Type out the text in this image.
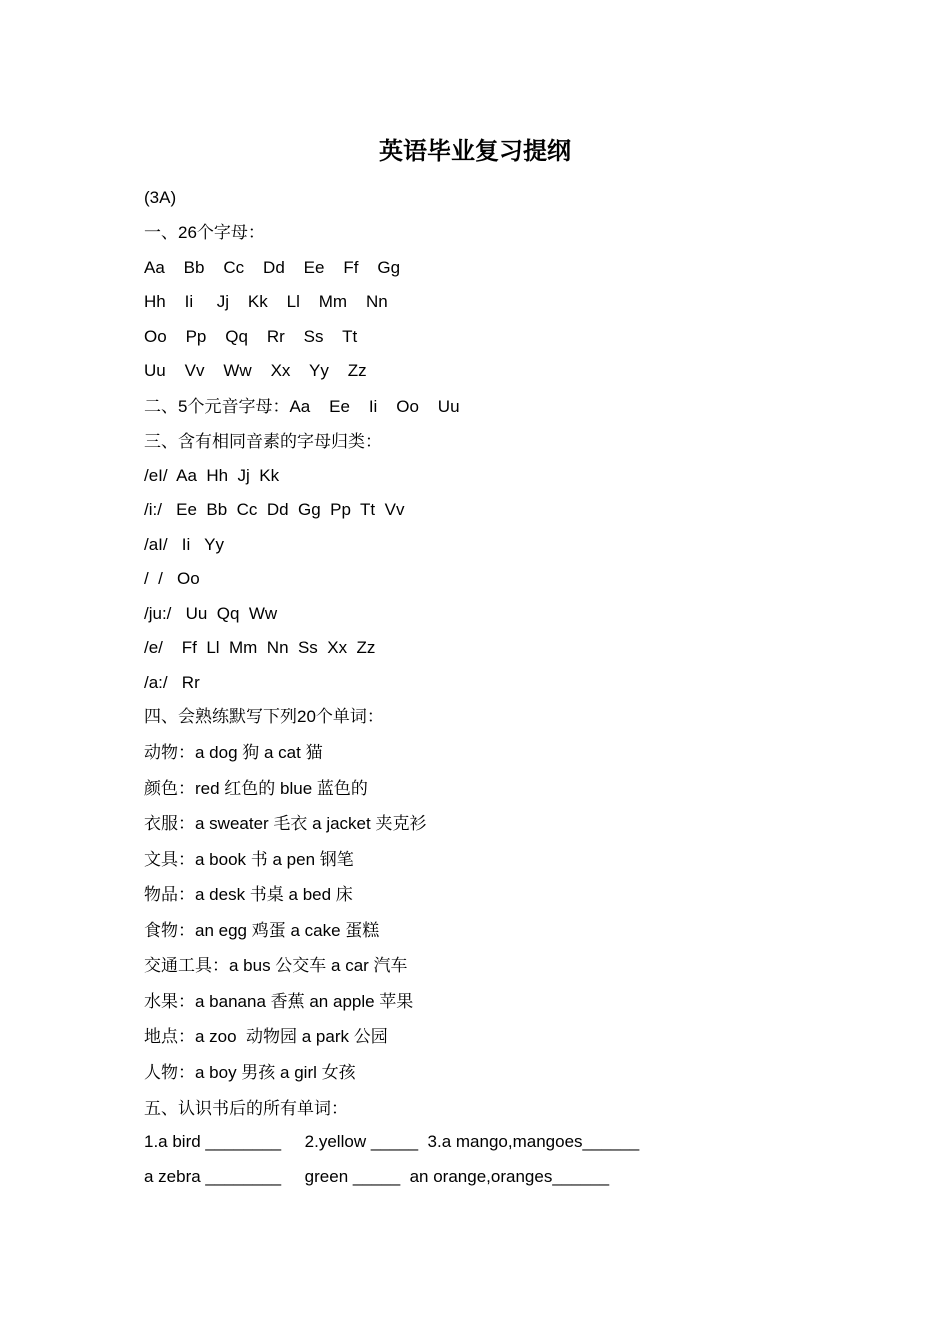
英语毕业复习提纲
(3A)
一、26个字母：
Aa    Bb    Cc    Dd    Ee    Ff    Gg
Hh    Ii     Jj    Kk    Ll    Mm    Nn
Oo    Pp    Qq    Rr    Ss    Tt
Uu    Vv    Ww    Xx    Yy    Zz
二、5个元音字母：Aa    Ee    Ii    Oo    Uu
三、含有相同音素的字母归类：
/eI/  Aa  Hh  Jj  Kk
/i:/   Ee  Bb  Cc  Dd  Gg  Pp  Tt  Vv
/aI/   Ii   Yy
/  /   Oo
/ju:/   Uu  Qq  Ww
/e/    Ff  Ll  Mm  Nn  Ss  Xx  Zz
/a:/   Rr
四、会熟练默写下列20个单词：
动物：a dog 狗 a cat 猫
颜色：red 红色的 blue 蓝色的
衣服：a sweater 毛衣 a jacket 夹克衫
文具：a book 书 a pen 钢笔
物品：a desk 书桌 a bed 床
食物：an egg 鸡蛋 a cake 蛋糕
交通工具：a bus 公交车 a car 汽车
水果：a banana 香蕉 an apple 苹果
地点：a zoo  动物园 a park 公园
人物：a boy 男孩 a girl 女孩
五、认识书后的所有单词：
1.a bird ________     2.yellow _____  3.a mango,mangoes______
a zebra ________     green _____  an orange,oranges______
